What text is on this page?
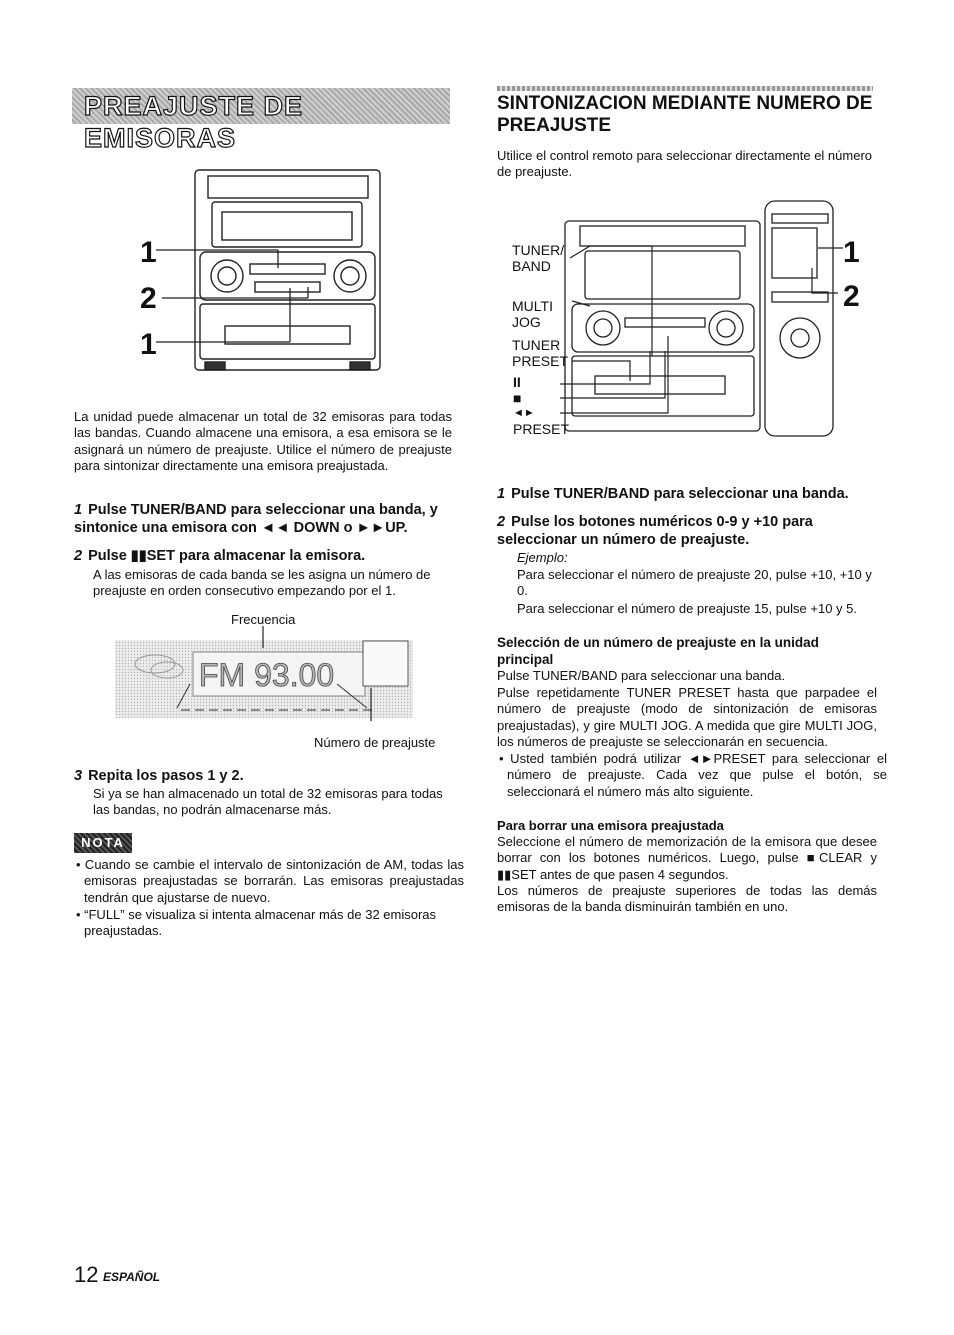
PREAJUSTE DE EMISORAS
1
2
1

La unidad puede almacenar un total de 32 emisoras para todas las bandas. Cuando almacene una emisora, a esa emisora se le asignará un número de preajuste. Utilice el número de preajuste para sintonizar directamente una emisora preajustada.

1 Pulse TUNER/BAND para seleccionar una banda, y sintonice una emisora con ◄◄ DOWN o ►►UP.
2 Pulse ▮▮SET para almacenar la emisora.

A las emisoras de cada banda se les asigna un número de preajuste en orden consecutivo empezando por el 1.

Frecuencia
FM 93.00
Número de preajuste
3 Repita los pasos 1 y 2.

Si ya se han almacenado un total de 32 emisoras para todas las bandas, no podrán almacenarse más.

NOTA

• Cuando se cambie el intervalo de sintonización de AM, todas las emisoras preajustadas se borrarán. Las emisoras preajustadas tendrán que ajustarse de nuevo.

• “FULL” se visualiza si intenta almacenar más de 32 emisoras preajustadas.

SINTONIZACION MEDIANTE NUMERO DE PREAJUSTE

Utilice el control remoto para seleccionar directamente el número de preajuste.

TUNER/ BAND
MULTI JOG
TUNER PRESET
II
■
◄►
PRESET
1
2
1 Pulse TUNER/BAND para seleccionar una banda.
2 Pulse los botones numéricos 0-9 y +10 para seleccionar un número de preajuste.

Ejemplo:

Para seleccionar el número de preajuste 20, pulse +10, +10 y 0.

Para seleccionar el número de preajuste 15, pulse +10 y 5.

Selección de un número de preajuste en la unidad principal

Pulse TUNER/BAND para seleccionar una banda.

Pulse repetidamente TUNER PRESET hasta que parpadee el número de preajuste (modo de sintonización de emisoras preajustadas), y gire MULTI JOG. A medida que gire MULTI JOG, los números de preajuste se seleccionarán en secuencia.

• Usted también podrá utilizar ◄►PRESET para seleccionar el número de preajuste. Cada vez que pulse el botón, se seleccionará el número más alto siguiente.

Para borrar una emisora preajustada

Seleccione el número de memorización de la emisora que desee borrar con los botones numéricos. Luego, pulse ■CLEAR y ▮▮SET antes de que pasen 4 segundos.

Los números de preajuste superiores de todas las demás emisoras de la banda disminuirán también en uno.

12 ESPAÑOL
